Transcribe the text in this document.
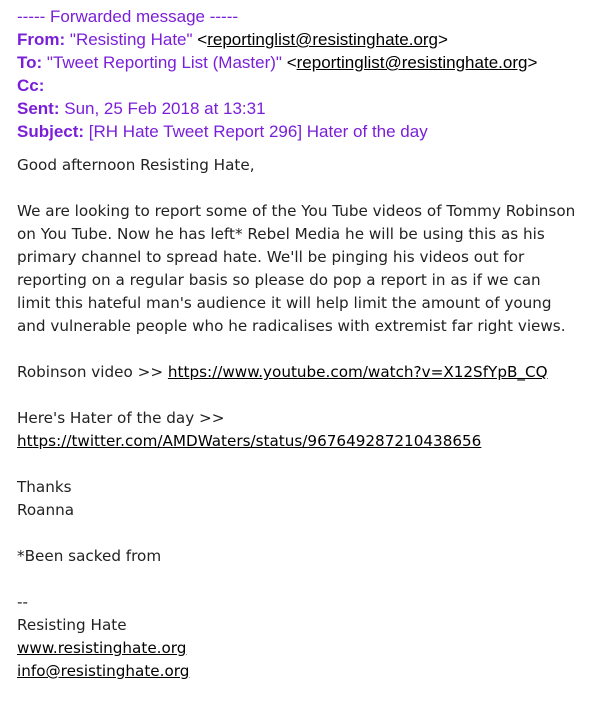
----- Forwarded message -----
From: "Resisting Hate" <reportinglist@resistinghate.org>
To: "Tweet Reporting List (Master)" <reportinglist@resistinghate.org>
Cc:
Sent: Sun, 25 Feb 2018 at 13:31
Subject: [RH Hate Tweet Report 296] Hater of the day

Good afternoon Resisting Hate,

We are looking to report some of the You Tube videos of Tommy Robinson
on You Tube. Now he has left* Rebel Media he will be using this as his
primary channel to spread hate. We'll be pinging his videos out for
reporting on a regular basis so please do pop a report in as if we can
limit this hateful man's audience it will help limit the amount of young
and vulnerable people who he radicalises with extremist far right views.

Robinson video >> https://www.youtube.com/watch?v=X12SfYpB_CQ

Here's Hater of the day >>
https://twitter.com/AMDWaters/status/967649287210438656

Thanks
Roanna

*Been sacked from

--
Resisting Hate
www.resistinghate.org
info@resistinghate.org
